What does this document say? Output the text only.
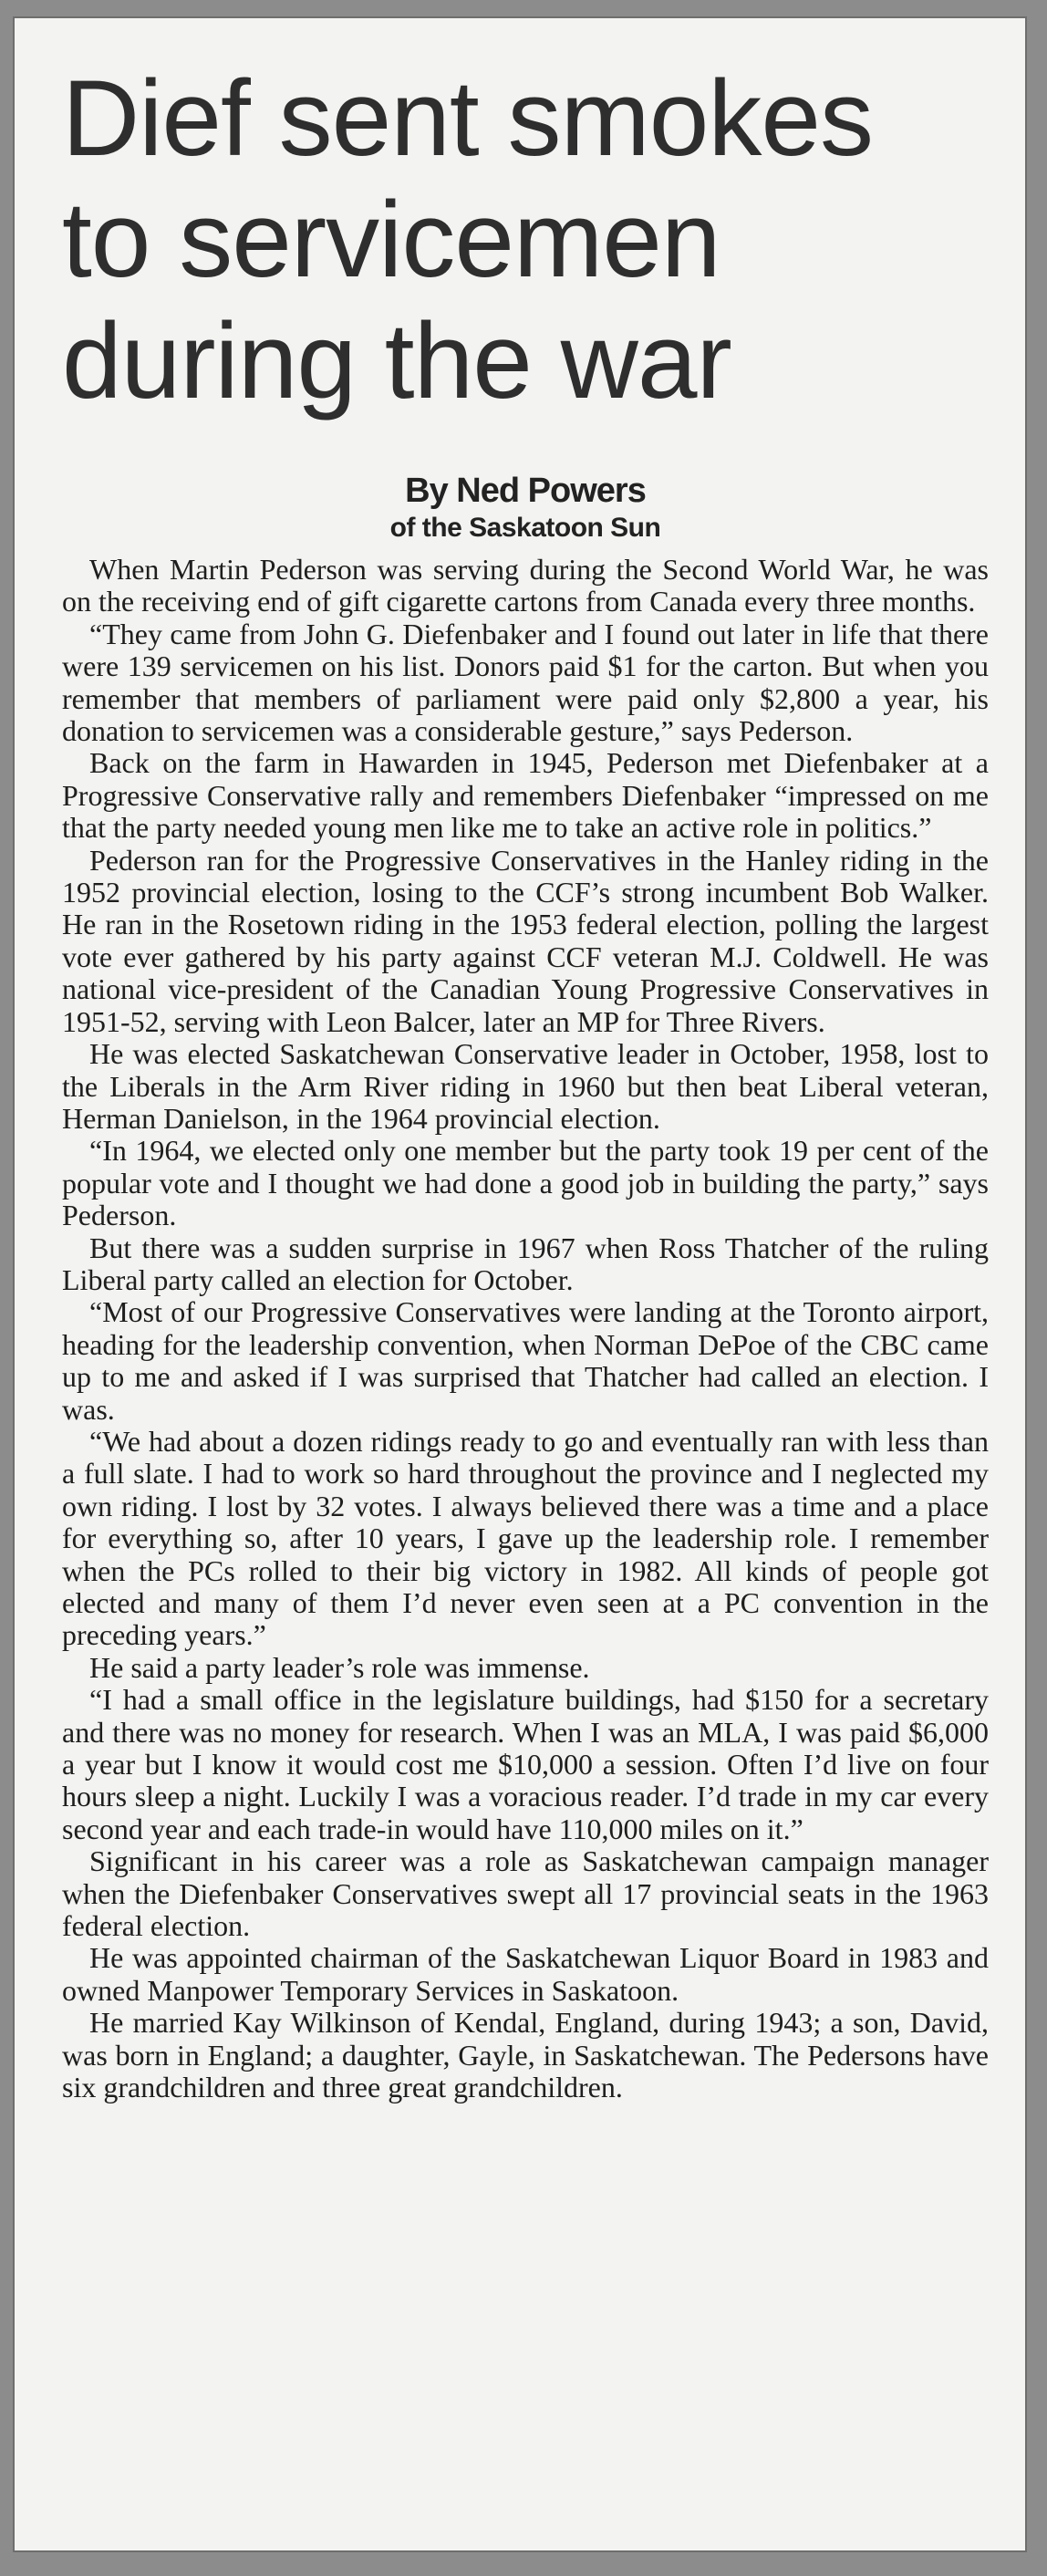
Dief sent smokes
to servicemen
during the war
By Ned Powers
of the Saskatoon Sun

When Martin Pederson was serving during the Second World War, he was on the receiving end of gift cigarette cartons from Canada every three months.

“They came from John G. Diefenbaker and I found out later in life that there were 139 servicemen on his list. Donors paid $1 for the carton. But when you remember that members of parliament were paid only $2,800 a year, his donation to servicemen was a considerable gesture,” says Pederson.

Back on the farm in Hawarden in 1945, Pederson met Diefenbaker at a Progressive Conservative rally and remembers Diefenbaker “impressed on me that the party needed young men like me to take an active role in politics.”

Pederson ran for the Progressive Conservatives in the Hanley riding in the 1952 provincial election, losing to the CCF’s strong incumbent Bob Walker. He ran in the Rosetown riding in the 1953 federal election, polling the largest vote ever gathered by his party against CCF veteran M.J. Coldwell. He was national vice-president of the Canadian Young Progressive Conservatives in 1951-52, serving with Leon Balcer, later an MP for Three Rivers.

He was elected Saskatchewan Conservative leader in October, 1958, lost to the Liberals in the Arm River riding in 1960 but then beat Liberal veteran, Herman Danielson, in the 1964 provincial election.

“In 1964, we elected only one member but the party took 19 per cent of the popular vote and I thought we had done a good job in building the party,” says Pederson.

But there was a sudden surprise in 1967 when Ross Thatcher of the ruling Liberal party called an election for October.

“Most of our Progressive Conservatives were landing at the Toronto airport, heading for the leadership convention, when Norman DePoe of the CBC came up to me and asked if I was surprised that Thatcher had called an election. I was.

“We had about a dozen ridings ready to go and eventually ran with less than a full slate. I had to work so hard throughout the province and I neglected my own riding. I lost by 32 votes. I always believed there was a time and a place for everything so, after 10 years, I gave up the leadership role. I remember when the PCs rolled to their big victory in 1982. All kinds of people got elected and many of them I’d never even seen at a PC convention in the preceding years.”

He said a party leader’s role was immense.

“I had a small office in the legislature buildings, had $150 for a secretary and there was no money for research. When I was an MLA, I was paid $6,000 a year but I know it would cost me $10,000 a session. Often I’d live on four hours sleep a night. Luckily I was a voracious reader. I’d trade in my car every second year and each trade-in would have 110,000 miles on it.”

Significant in his career was a role as Saskatchewan campaign manager when the Diefenbaker Conservatives swept all 17 provincial seats in the 1963 federal election.

He was appointed chairman of the Saskatchewan Liquor Board in 1983 and owned Manpower Temporary Services in Saskatoon.

He married Kay Wilkinson of Kendal, England, during 1943; a son, David, was born in England; a daughter, Gayle, in Saskatchewan. The Pedersons have six grandchildren and three great grandchildren.
